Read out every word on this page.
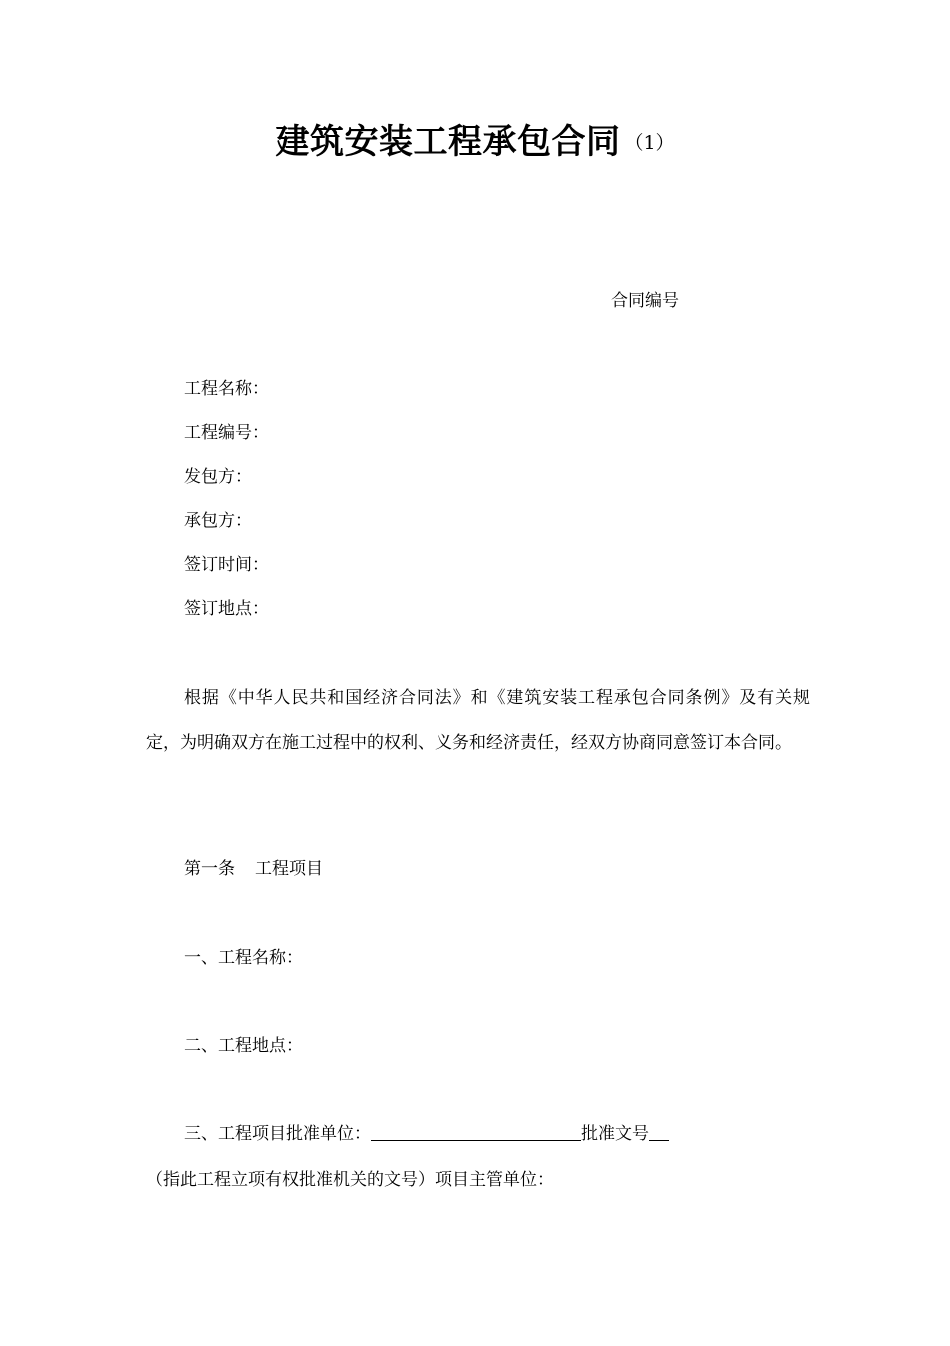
建筑安装工程承包合同 （1）
合同编号
工程名称：
工程编号：
发包方：
承包方：
签订时间：
签订地点：
根据《中华人民共和国经济合同法》和《建筑安装工程承包合同条例》及有关规定，为明确双方在施工过程中的权利、义务和经济责任，经双方协商同意签订本合同。
第一条 工程项目
一、工程名称：
二、工程地点：
三、工程项目批准单位：	批准文号
（指此工程立项有权批准机关的文号）项目主管单位：
